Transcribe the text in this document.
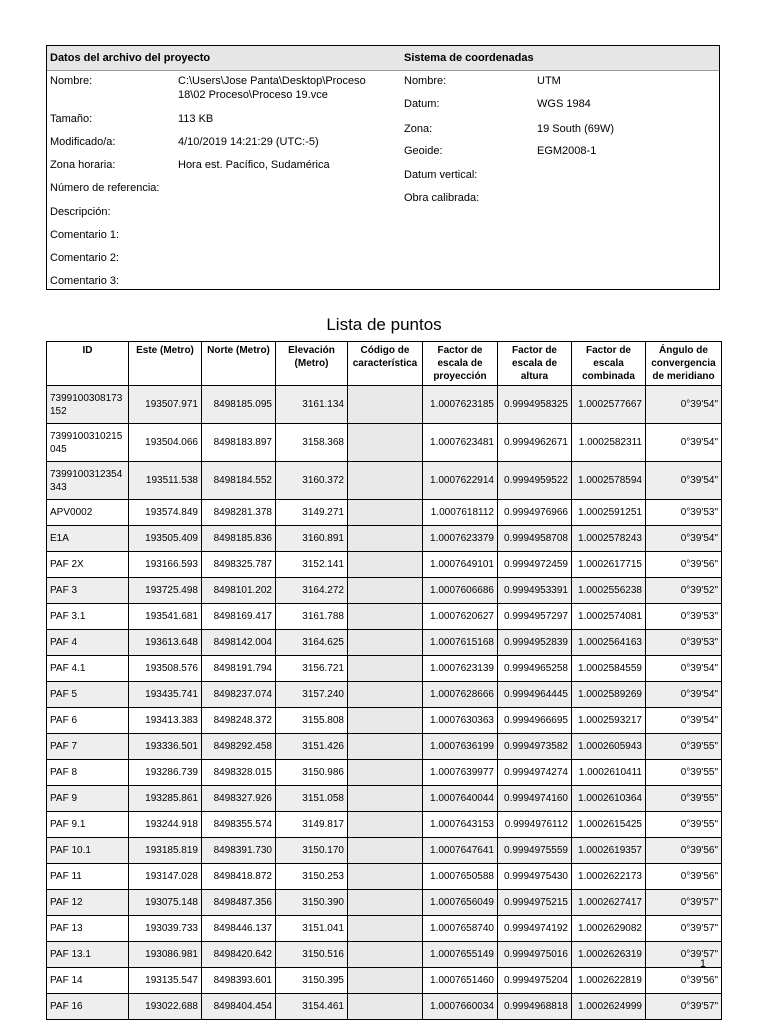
Datos del archivo del proyecto	Sistema de coordenadas
Nombre:	C:\Users\Jose Panta\Desktop\Proceso 18\02 Proceso\Proceso 19.vce
Tamaño:	113 KB
Modificado/a:	4/10/2019 14:21:29 (UTC:-5)
Zona horaria:	Hora est. Pacífico, Sudamérica
Número de referencia:
Descripción:
Comentario 1:
Comentario 2:
Comentario 3:
Nombre:	UTM
Datum:	WGS 1984
Zona:	19 South (69W)
Geoide:	EGM2008-1
Datum vertical:
Obra calibrada:
Lista de puntos
ID	Este (Metro)	Norte (Metro)	Elevación (Metro)	Código de característica	Factor de escala de proyección	Factor de escala de altura	Factor de escala combinada	Ángulo de convergencia de meridiano
7399100308173152	193507.971	8498185.095	3161.134		1.0007623185	0.9994958325	1.0002577667	0°39'54"
7399100310215045	193504.066	8498183.897	3158.368		1.0007623481	0.9994962671	1.0002582311	0°39'54"
7399100312354343	193511.538	8498184.552	3160.372		1.0007622914	0.9994959522	1.0002578594	0°39'54"
APV0002	193574.849	8498281.378	3149.271		1.0007618112	0.9994976966	1.0002591251	0°39'53"
E1A	193505.409	8498185.836	3160.891		1.0007623379	0.9994958708	1.0002578243	0°39'54"
PAF 2X	193166.593	8498325.787	3152.141		1.0007649101	0.9994972459	1.0002617715	0°39'56"
PAF 3	193725.498	8498101.202	3164.272		1.0007606686	0.9994953391	1.0002556238	0°39'52"
PAF 3.1	193541.681	8498169.417	3161.788		1.0007620627	0.9994957297	1.0002574081	0°39'53"
PAF 4	193613.648	8498142.004	3164.625		1.0007615168	0.9994952839	1.0002564163	0°39'53"
PAF 4.1	193508.576	8498191.794	3156.721		1.0007623139	0.9994965258	1.0002584559	0°39'54"
PAF 5	193435.741	8498237.074	3157.240		1.0007628666	0.9994964445	1.0002589269	0°39'54"
PAF 6	193413.383	8498248.372	3155.808		1.0007630363	0.9994966695	1.0002593217	0°39'54"
PAF 7	193336.501	8498292.458	3151.426		1.0007636199	0.9994973582	1.0002605943	0°39'55"
PAF 8	193286.739	8498328.015	3150.986		1.0007639977	0.9994974274	1.0002610411	0°39'55"
PAF 9	193285.861	8498327.926	3151.058		1.0007640044	0.9994974160	1.0002610364	0°39'55"
PAF 9.1	193244.918	8498355.574	3149.817		1.0007643153	0.9994976112	1.0002615425	0°39'55"
PAF 10.1	193185.819	8498391.730	3150.170		1.0007647641	0.9994975559	1.0002619357	0°39'56"
PAF 11	193147.028	8498418.872	3150.253		1.0007650588	0.9994975430	1.0002622173	0°39'56"
PAF 12	193075.148	8498487.356	3150.390		1.0007656049	0.9994975215	1.0002627417	0°39'57"
PAF 13	193039.733	8498446.137	3151.041		1.0007658740	0.9994974192	1.0002629082	0°39'57"
PAF 13.1	193086.981	8498420.642	3150.516		1.0007655149	0.9994975016	1.0002626319	0°39'57"
PAF 14	193135.547	8498393.601	3150.395		1.0007651460	0.9994975204	1.0002622819	0°39'56"
PAF 16	193022.688	8498404.454	3154.461		1.0007660034	0.9994968818	1.0002624999	0°39'57"
1
